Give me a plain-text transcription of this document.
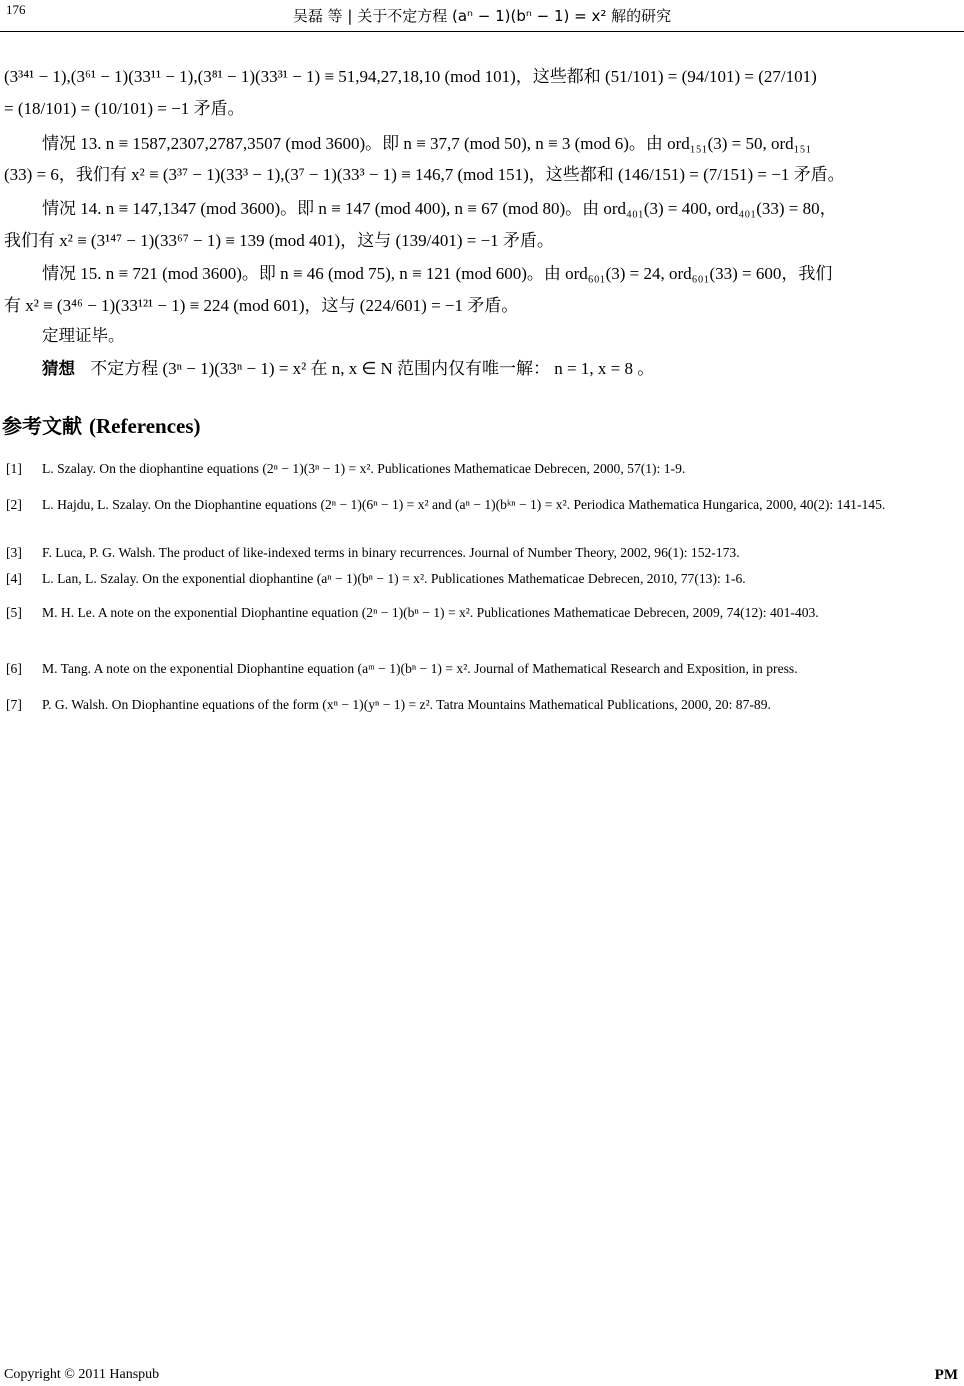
176	吴磊 等 | 关于不定方程 (aⁿ − 1)(bⁿ − 1) = x² 解的研究
(3³⁴¹ − 1),(3⁶¹ − 1)(33¹¹ − 1),(3⁸¹ − 1)(33³¹ − 1) ≡ 51,94,27,18,10 (mod 101)，这些都和 (51/101) = (94/101) = (27/101)
= (18/101) = (10/101) = −1 矛盾。
情况 13. n ≡ 1587,2307,2787,3507 (mod 3600)。即 n ≡ 37,7 (mod 50), n ≡ 3 (mod 6)。由 ord₁₅₁(3) = 50, ord₁₅₁
(33) = 6，我们有 x² ≡ (3³⁷ − 1)(33³ − 1),(3⁷ − 1)(33³ − 1) ≡ 146,7 (mod 151)，这些都和 (146/151) = (7/151) = −1 矛盾。
情况 14. n ≡ 147,1347 (mod 3600)。即 n ≡ 147 (mod 400), n ≡ 67 (mod 80)。由 ord₄₀₁(3) = 400, ord₄₀₁(33) = 80，
我们有 x² ≡ (3¹⁴⁷ − 1)(33⁶⁷ − 1) ≡ 139 (mod 401)，这与 (139/401) = −1 矛盾。
情况 15. n ≡ 721 (mod 3600)。即 n ≡ 46 (mod 75), n ≡ 121 (mod 600)。由 ord₆₀₁(3) = 24, ord₆₀₁(33) = 600，我们
有 x² ≡ (3⁴⁶ − 1)(33¹²¹ − 1) ≡ 224 (mod 601)，这与 (224/601) = −1 矛盾。
定理证毕。
猜想 不定方程 (3ⁿ − 1)(33ⁿ − 1) = x² 在 n, x ∈ N 范围内仅有唯一解： n = 1, x = 8 。
参考文献 (References)
[1] L. Szalay. On the diophantine equations (2ⁿ − 1)(3ⁿ − 1) = x². Publicationes Mathematicae Debrecen, 2000, 57(1): 1-9.
[2] L. Hajdu, L. Szalay. On the Diophantine equations (2ⁿ − 1)(6ⁿ − 1) = x² and (aⁿ − 1)(bᵏⁿ − 1) = x². Periodica Mathematica Hungarica, 2000, 40(2): 141-145.
[3] F. Luca, P. G. Walsh. The product of like-indexed terms in binary recurrences. Journal of Number Theory, 2002, 96(1): 152-173.
[4] L. Lan, L. Szalay. On the exponential diophantine (aⁿ − 1)(bⁿ − 1) = x². Publicationes Mathematicae Debrecen, 2010, 77(13): 1-6.
[5] M. H. Le. A note on the exponential Diophantine equation (2ⁿ − 1)(bⁿ − 1) = x². Publicationes Mathematicae Debrecen, 2009, 74(12): 401-403.
[6] M. Tang. A note on the exponential Diophantine equation (aᵐ − 1)(bⁿ − 1) = x². Journal of Mathematical Research and Exposition, in press.
[7] P. G. Walsh. On Diophantine equations of the form (xⁿ − 1)(yⁿ − 1) = z². Tatra Mountains Mathematical Publications, 2000, 20: 87-89.
Copyright © 2011 Hanspub	PM
